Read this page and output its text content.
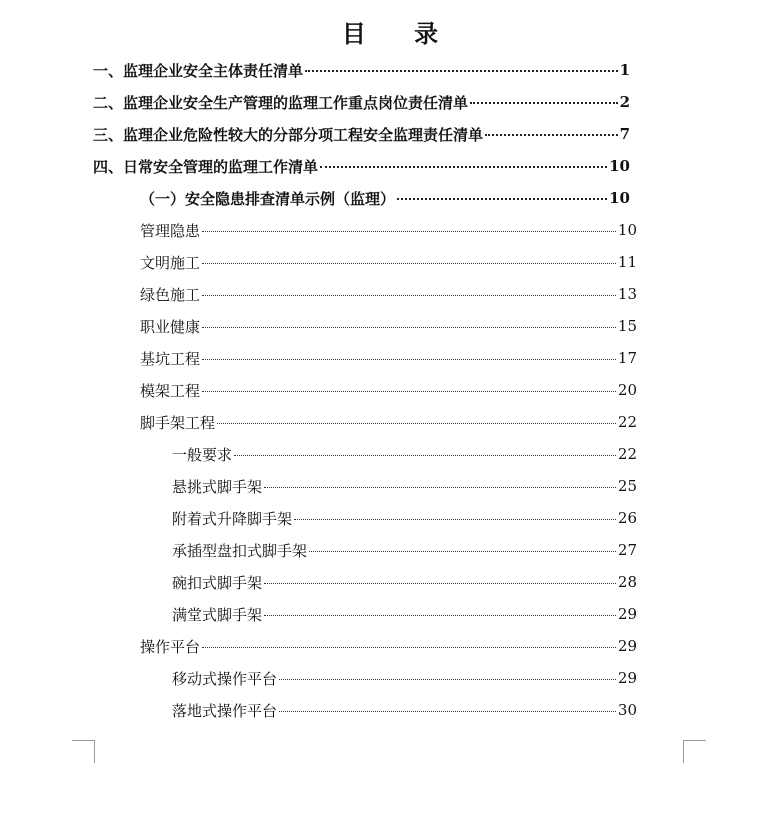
目 录
一、监理企业安全主体责任清单	1
二、监理企业安全生产管理的监理工作重点岗位责任清单	2
三、监理企业危险性较大的分部分项工程安全监理责任清单	7
四、日常安全管理的监理工作清单	10
（一）安全隐患排查清单示例（监理）	10
管理隐患	10
文明施工	11
绿色施工	13
职业健康	15
基坑工程	17
模架工程	20
脚手架工程	22
一般要求	22
悬挑式脚手架	25
附着式升降脚手架	26
承插型盘扣式脚手架	27
碗扣式脚手架	28
满堂式脚手架	29
操作平台	29
移动式操作平台	29
落地式操作平台	30
